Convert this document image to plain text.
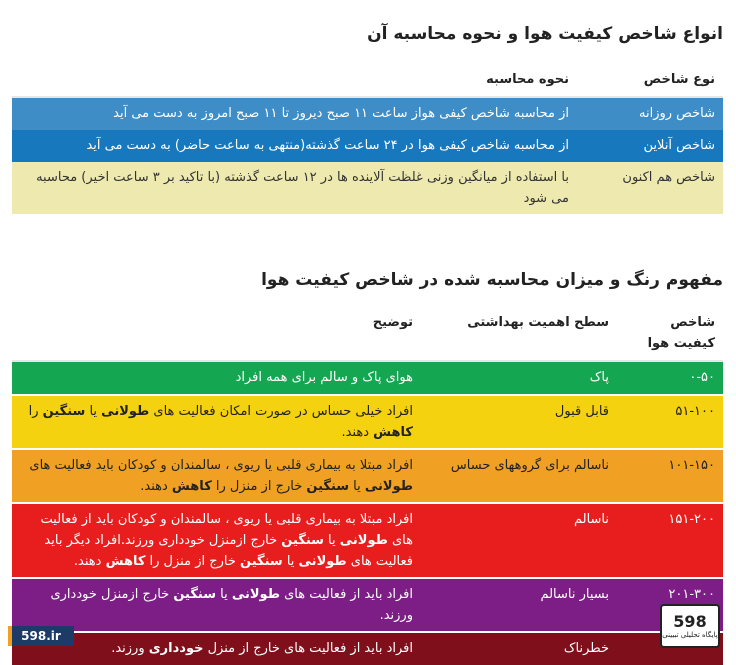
انواع شاخص کیفیت هوا و نحوه محاسبه آن
نوع شاخص	نحوه محاسبه
شاخص روزانه	از محاسبه شاخص کیفی هواز ساعت ۱۱ صبح دیروز تا ۱۱ صبح امروز به دست می آید
شاخص آنلاین	از محاسبه شاخص کیفی هوا در ۲۴ ساعت گذشته(منتهی به ساعت حاضر) به دست می آید
شاخص هم اکنون	با استفاده از میانگین وزنی غلظت آلاینده ها در ۱۲ ساعت گذشته (با تاکید بر ۳ ساعت اخیر) محاسبه می شود
مفهوم رنگ و میزان محاسبه شده در شاخص کیفیت هوا
شاخص کیفیت هوا	سطح اهمیت بهداشتی	توضیح
۰-۵۰	پاک	هوای پاک و سالم برای همه افراد
۵۱-۱۰۰	قابل قبول	افراد خیلی حساس در صورت امکان فعالیت های طولانی یا سنگین را کاهش دهند.
۱۰۱-۱۵۰	ناسالم برای گروههای حساس	افراد مبتلا به بیماری قلبی یا ریوی ، سالمندان و کودکان باید فعالیت های طولانی یا سنگین خارج از منزل را کاهش دهند.
۱۵۱-۲۰۰	ناسالم	افراد مبتلا به بیماری قلبی یا ریوی ، سالمندان و کودکان باید از فعالیت های طولانی یا سنگین خارج ازمنزل خودداری ورزند.افراد دیگر باید فعالیت های طولانی یا سنگین خارج از منزل را کاهش دهند.
۲۰۱-۳۰۰	بسیار ناسالم	افراد باید از فعالیت های طولانی یا سنگین خارج ازمنزل خودداری ورزند.
	خطرناک	افراد باید از فعالیت های خارج از منزل خودداری ورزند.
598.ir
598
پایگاه تحلیلی تبیینی
